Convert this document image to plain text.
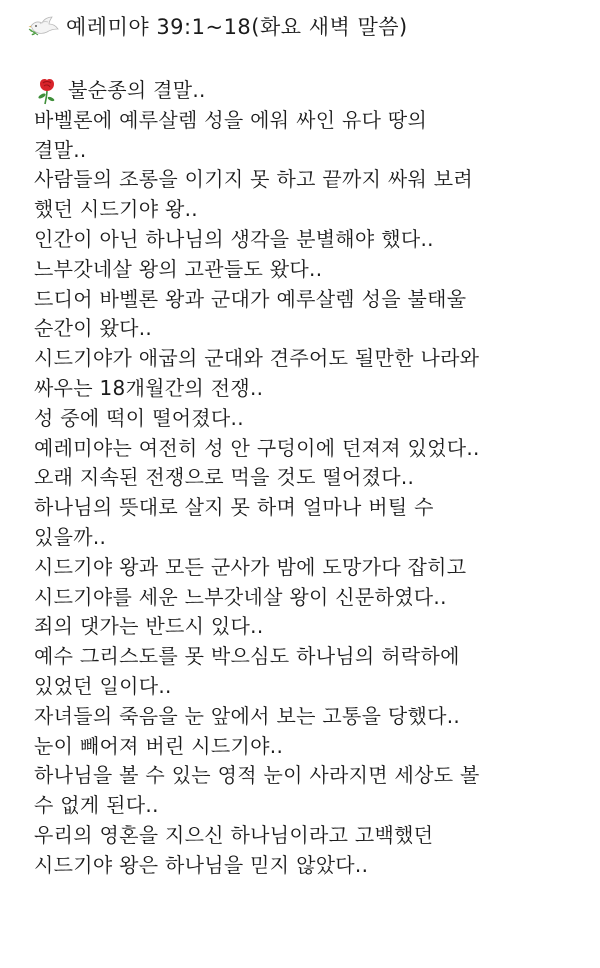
예레미야 39:1~18(화요 새벽 말씀)
불순종의 결말..
바벨론에 예루살렘 성을 에워 싸인 유다 땅의
결말..
사람들의 조롱을 이기지 못 하고 끝까지 싸워 보려
했던 시드기야 왕..
인간이 아닌 하나님의 생각을 분별해야 했다..
느부갓네살 왕의 고관들도 왔다..
드디어 바벨론 왕과 군대가 예루살렘 성을 불태울
순간이 왔다..
시드기야가 애굽의 군대와 견주어도 될만한 나라와
싸우는 18개월간의 전쟁..
성 중에 떡이 떨어졌다..
예레미야는 여전히 성 안 구덩이에 던져져 있었다..
오래 지속된 전쟁으로 먹을 것도 떨어졌다..
하나님의 뜻대로 살지 못 하며 얼마나 버틸 수
있을까..
시드기야 왕과 모든 군사가 밤에 도망가다 잡히고
시드기야를 세운 느부갓네살 왕이 신문하였다..
죄의 댓가는 반드시 있다..
예수 그리스도를 못 박으심도 하나님의 허락하에
있었던 일이다..
자녀들의 죽음을 눈 앞에서 보는 고통을 당했다..
눈이 빼어져 버린 시드기야..
하나님을 볼 수 있는 영적 눈이 사라지면 세상도 볼
수 없게 된다..
우리의 영혼을 지으신 하나님이라고 고백했던
시드기야 왕은 하나님을 믿지 않았다..
